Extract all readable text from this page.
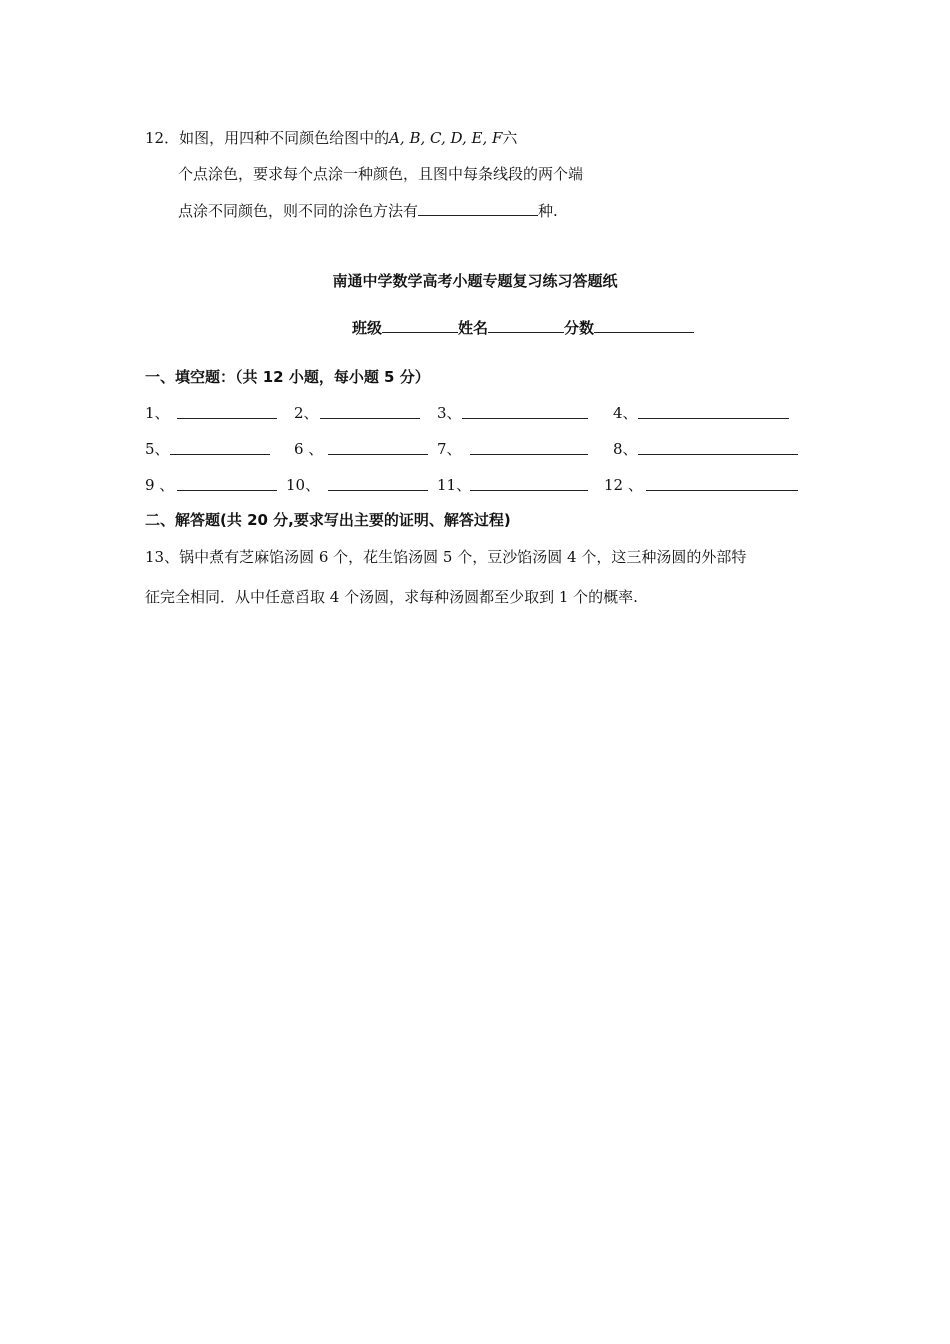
12．如图，用四种不同颜色给图中的A, B, C, D, E, F六
个点涂色，要求每个点涂一种颜色，且图中每条线段的两个端
点涂不同颜色，则不同的涂色方法有	种.
南通中学数学高考小题专题复习练习答题纸
班级	姓名	分数
一、填空题：（共 12 小题，每小题 5 分）
1、	2、	3、	4、
5、	6 、	7、	8、
9 、	10、	11、	12 、
二、解答题(共 20 分,要求写出主要的证明、解答过程)
13、锅中煮有芝麻馅汤圆 6 个，花生馅汤圆 5 个，豆沙馅汤圆 4 个，这三种汤圆的外部特
征完全相同．从中任意舀取 4 个汤圆，求每种汤圆都至少取到 1 个的概率.
